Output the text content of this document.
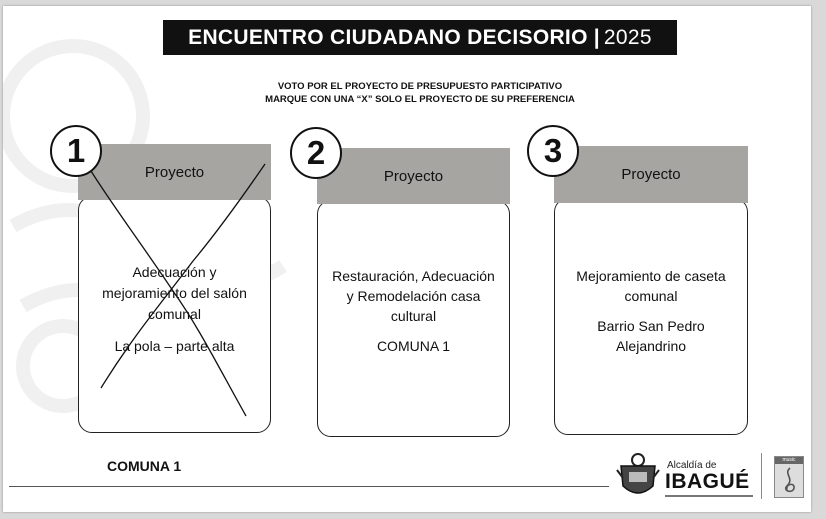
ENCUENTRO CIUDADANO DECISORIO | 2025
VOTO POR EL PROYECTO DE PRESUPUESTO PARTICIPATIVO
MARQUE CON UNA “X” SOLO EL PROYECTO DE SU PREFERENCIA
Proyecto

Adecuación y

mejoramiento del salón

comunal

La pola – parte alta

1
Proyecto

Restauración, Adecuación

y Remodelación casa

cultural

COMUNA 1

2
Proyecto

Mejoramiento de caseta

comunal

Barrio San Pedro

Alejandrino

3
COMUNA 1	Alcaldía de
IBAGUÉ
music
